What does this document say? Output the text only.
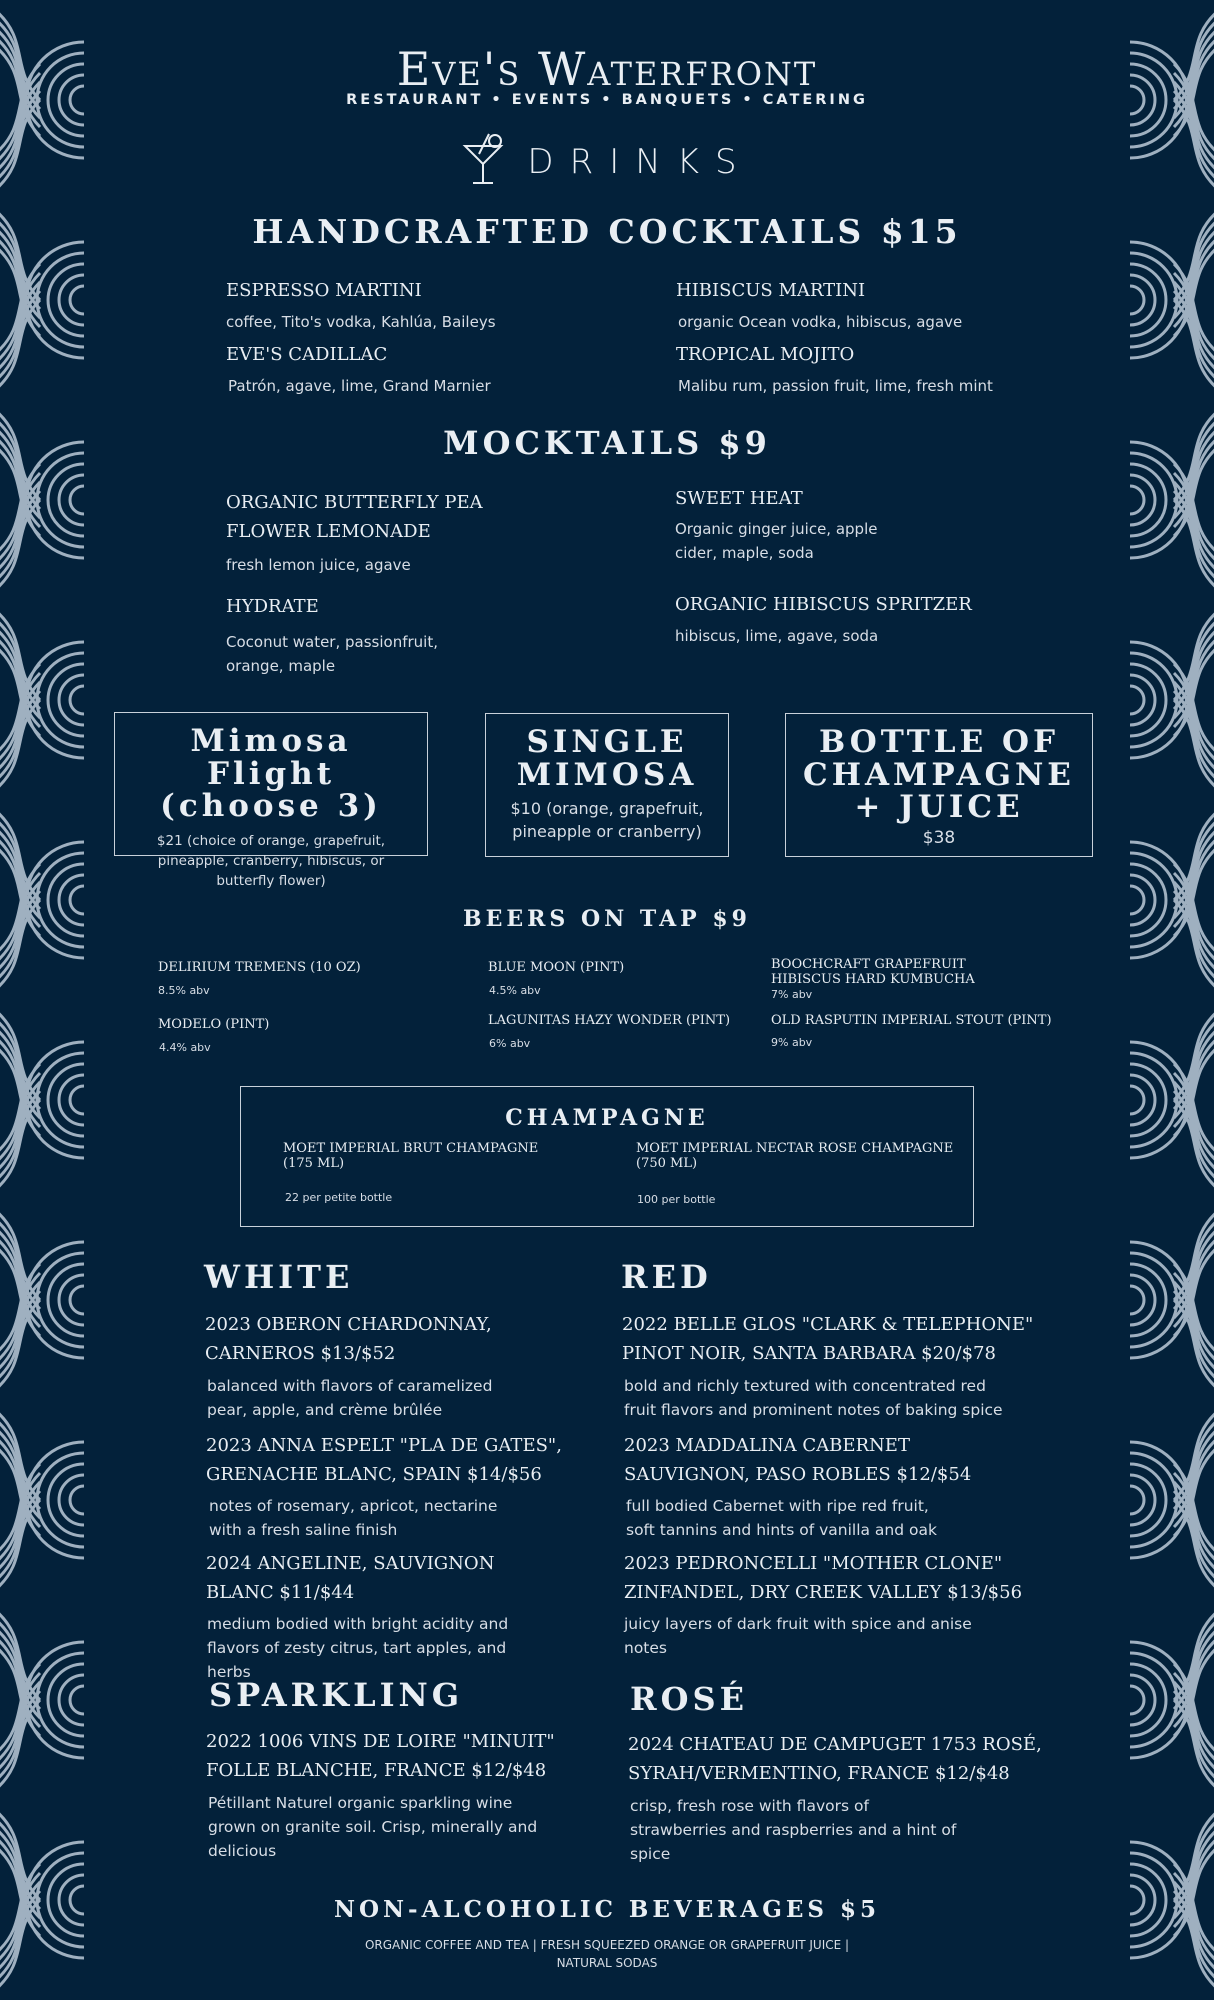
Eve's Waterfront
RESTAURANT • EVENTS • BANQUETS • CATERING
DRINKS
HANDCRAFTED COCKTAILS $15
ESPRESSO MARTINI
coffee, Tito's vodka, Kahlúa, Baileys
EVE'S CADILLAC
Patrón, agave, lime, Grand Marnier
HIBISCUS MARTINI
organic Ocean vodka, hibiscus, agave
TROPICAL MOJITO
Malibu rum, passion fruit, lime, fresh mint
MOCKTAILS $9
ORGANIC BUTTERFLY PEA FLOWER LEMONADE
fresh lemon juice, agave
HYDRATE
Coconut water, passionfruit, orange, maple
SWEET HEAT
Organic ginger juice, apple cider, maple, soda
ORGANIC HIBISCUS SPRITZER
hibiscus, lime, agave, soda
Mimosa Flight (choose 3)
$21 (choice of orange, grapefruit, pineapple, cranberry, hibiscus, or butterfly flower)
SINGLE MIMOSA
$10 (orange, grapefruit, pineapple or cranberry)
BOTTLE OF CHAMPAGNE + JUICE
$38
BEERS ON TAP $9
DELIRIUM TREMENS (10 OZ)
8.5% abv
MODELO (PINT)
4.4% abv
BLUE MOON (PINT)
4.5% abv
LAGUNITAS HAZY WONDER (PINT)
6% abv
BOOCHCRAFT GRAPEFRUIT HIBISCUS HARD KUMBUCHA
7% abv
OLD RASPUTIN IMPERIAL STOUT (PINT)
9% abv
CHAMPAGNE
MOET IMPERIAL BRUT CHAMPAGNE (175 ML)
22 per petite bottle
MOET IMPERIAL NECTAR ROSE CHAMPAGNE (750 ML)
100 per bottle
WHITE
2023 OBERON CHARDONNAY, CARNEROS $13/$52
balanced with flavors of caramelized pear, apple, and crème brûlée
2023 ANNA ESPELT "PLA DE GATES", GRENACHE BLANC, SPAIN $14/$56
notes of rosemary, apricot, nectarine with a fresh saline finish
2024 ANGELINE, SAUVIGNON BLANC $11/$44
medium bodied with bright acidity and flavors of zesty citrus, tart apples, and herbs
RED
2022 BELLE GLOS "CLARK & TELEPHONE" PINOT NOIR, SANTA BARBARA $20/$78
bold and richly textured with concentrated red fruit flavors and prominent notes of baking spice
2023 MADDALINA CABERNET SAUVIGNON, PASO ROBLES $12/$54
full bodied Cabernet with ripe red fruit, soft tannins and hints of vanilla and oak
2023 PEDRONCELLI "MOTHER CLONE" ZINFANDEL, DRY CREEK VALLEY $13/$56
juicy layers of dark fruit with spice and anise notes
SPARKLING
2022 1006 VINS DE LOIRE "MINUIT" FOLLE BLANCHE, FRANCE $12/$48
Pétillant Naturel organic sparkling wine grown on granite soil. Crisp, minerally and delicious
ROSÉ
2024 CHATEAU DE CAMPUGET 1753 ROSÉ, SYRAH/VERMENTINO, FRANCE $12/$48
crisp, fresh rose with flavors of strawberries and raspberries and a hint of spice
NON-ALCOHOLIC BEVERAGES $5
ORGANIC COFFEE AND TEA | FRESH SQUEEZED ORANGE OR GRAPEFRUIT JUICE | NATURAL SODAS
